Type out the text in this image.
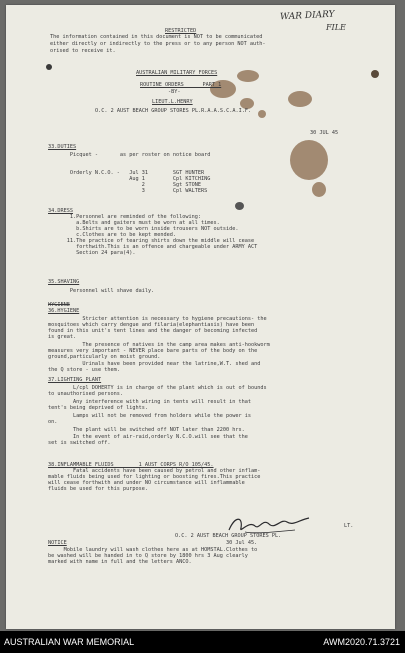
WAR DIARY
FILE
RESTRICTED
The information contained in this document is NOT to be communicated
either directly or indirectly to the press or to any person NOT auth-
orised to receive it.
AUSTRALIAN MILITARY FORCES
ROUTINE ORDERS      PART 1
-BY-
LIEUT.L.HENRY
O.C. 2 AUST BEACH GROUP STORES PL.R.A.A.S.C.A.I.F.
30 JUL 45
33.DUTIES
Picquet -       as per roster on notice board
Orderly N.C.O. -   Jul 31        SGT HUNTER
Aug 1         Cpl KITCHING
2         Sgt STONE
3         Cpl WALTERS
34.DRESS
1.Personnel are reminded of the following:
a.Belts and gaiters must be worn at all times.
b.Shirts are to be worn inside trousers NOT outside.
c.Clothes are to be kept mended.
11.The practice of tearing shirts down the middle will cease
forthwith.This is an offence and chargeable under ARMY ACT
Section 24 para(4).
35.SHAVING
Personnel will shave daily.
HYGIENE
36.HYGIENE
Stricter attention is necessary to hygiene precautions- the
mosquitoes which carry dengue and filaria(elephantiasis) have been
found in this unit's tent lines and the danger of becoming infected
is great.
The presence of natives in the camp area makes anti-hookworm
measures very important - NEVER place bare parts of the body on the
ground,particularly on moist ground.
Urinals have been provided near the latrine,W.T. shed and
the Q store - use them.
37.LIGHTING PLANT
L/cpl DOHERTY is in charge of the plant which is out of bounds
to unauthorised persons.
Any interference with wiring in tents will result in that
tent's being deprived of lights.
Lamps will not be removed from holders while the power is
on.
The plant will be switched off NOT later than 2200 hrs.
In the event of air-raid,orderly N.C.O.will see that the
set is switched off.
38.INFLAMMABLE FLUIDS        1 AUST CORPS R/O 105/45.
Fatal accidents have been caused by petrol and other inflam-
mable fluids being used for lighting or boosting fires.This practice
will cease forthwith and under NO circumstance will inflammable
fluids be used for this purpose.
LT.
O.C. 2 AUST BEACH GROUP STORES PL.
30 Jul 45.
NOTICE
Mobile laundry will wash clothes here as at HOMSTAL.Clothes to
be washed will be handed in to Q store by 1800 hrs 3 Aug clearly
marked with name in full and the letters ANCO.
AUSTRALIAN WAR MEMORIAL	AWM2020.71.3721
